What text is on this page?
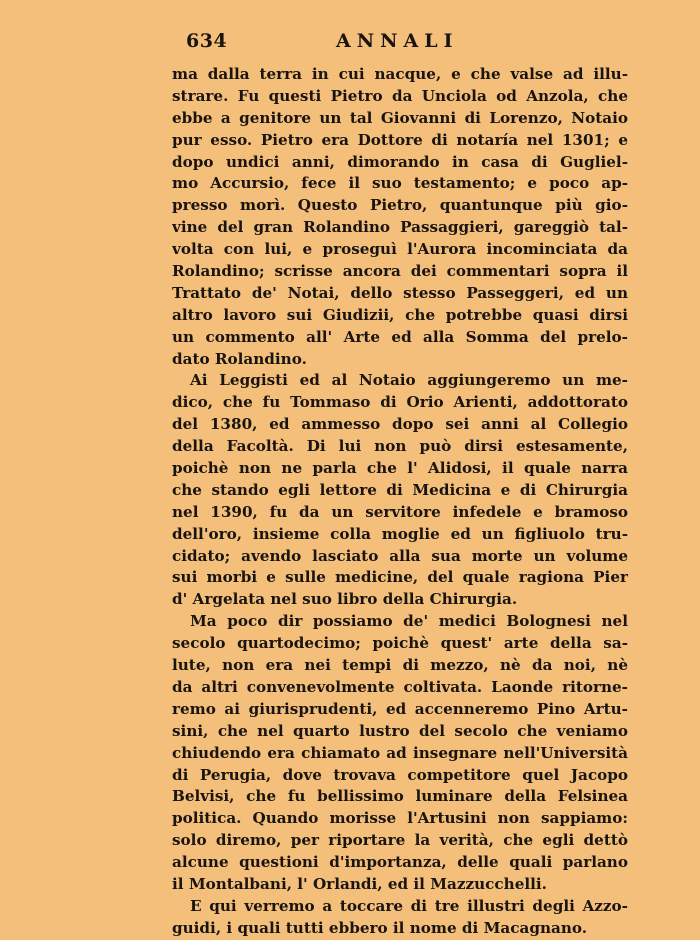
634	ANNALI
ma dalla terra in cui nacque, e che valse ad illu-
strare. Fu questi Pietro da Unciola od Anzola, che
ebbe a genitore un tal Giovanni di Lorenzo, Notaio
pur esso. Pietro era Dottore di notaría nel 1301; e
dopo undici anni, dimorando in casa di Gugliel-
mo Accursio, fece il suo testamento; e poco ap-
presso morì. Questo Pietro, quantunque più gio-
vine del gran Rolandino Passaggieri, gareggiò tal-
volta con lui, e proseguì l'Aurora incominciata da
Rolandino; scrisse ancora dei commentari sopra il
Trattato de' Notai, dello stesso Passeggeri, ed un
altro lavoro sui Giudizii, che potrebbe quasi dirsi
un commento all' Arte ed alla Somma del prelo-
dato Rolandino.
Ai Leggisti ed al Notaio aggiungeremo un me-
dico, che fu Tommaso di Orio Arienti, addottorato
del 1380, ed ammesso dopo sei anni al Collegio
della Facoltà. Di lui non può dirsi estesamente,
poichè non ne parla che l' Alidosi, il quale narra
che stando egli lettore di Medicina e di Chirurgia
nel 1390, fu da un servitore infedele e bramoso
dell'oro, insieme colla moglie ed un figliuolo tru-
cidato; avendo lasciato alla sua morte un volume
sui morbi e sulle medicine, del quale ragiona Pier
d' Argelata nel suo libro della Chirurgia.
Ma poco dir possiamo de' medici Bolognesi nel
secolo quartodecimo; poichè quest' arte della sa-
lute, non era nei tempi di mezzo, nè da noi, nè
da altri convenevolmente coltivata. Laonde ritorne-
remo ai giurisprudenti, ed accenneremo Pino Artu-
sini, che nel quarto lustro del secolo che veniamo
chiudendo era chiamato ad insegnare nell'Università
di Perugia, dove trovava competitore quel Jacopo
Belvisi, che fu bellissimo luminare della Felsinea
politica. Quando morisse l'Artusini non sappiamo:
solo diremo, per riportare la verità, che egli dettò
alcune questioni d'importanza, delle quali parlano
il Montalbani, l' Orlandi, ed il Mazzucchelli.
E qui verremo a toccare di tre illustri degli Azzo-
guidi, i quali tutti ebbero il nome di Macagnano.
